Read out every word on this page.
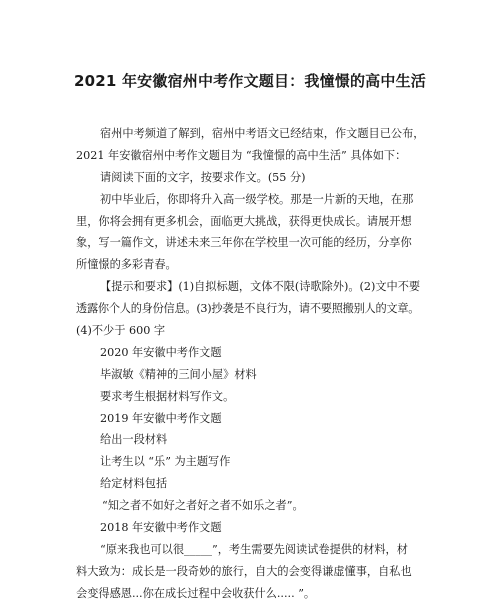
2021 年安徽宿州中考作文题目：我憧憬的高中生活
宿州中考频道了解到，宿州中考语文已经结束，作文题目已公布，
2021 年安徽宿州中考作文题目为 “我憧憬的高中生活” 具体如下：
请阅读下面的文字，按要求作文。(55 分)
初中毕业后，你即将升入高一级学校。那是一片新的天地，在那
里，你将会拥有更多机会，面临更大挑战，获得更快成长。请展开想
象，写一篇作文，讲述未来三年你在学校里一次可能的经历，分享你
所憧憬的多彩青春。
【提示和要求】(1)自拟标题，文体不限(诗歌除外)。(2)文中不要
透露你个人的身份信息。(3)抄袭是不良行为，请不要照搬别人的文章。
(4)不少于 600 字
2020 年安徽中考作文题
毕淑敏《精神的三间小屋》材料
要求考生根据材料写作文。
2019 年安徽中考作文题
给出一段材料
让考生以 “乐” 为主题写作
给定材料包括
“知之者不如好之者好之者不如乐之者”。
2018 年安徽中考作文题
“原来我也可以很_____”，考生需要先阅读试卷提供的材料，材
料大致为：成长是一段奇妙的旅行，自大的会变得谦虚懂事，自私也
会变得感恩...你在成长过程中会收获什么..... ”。
